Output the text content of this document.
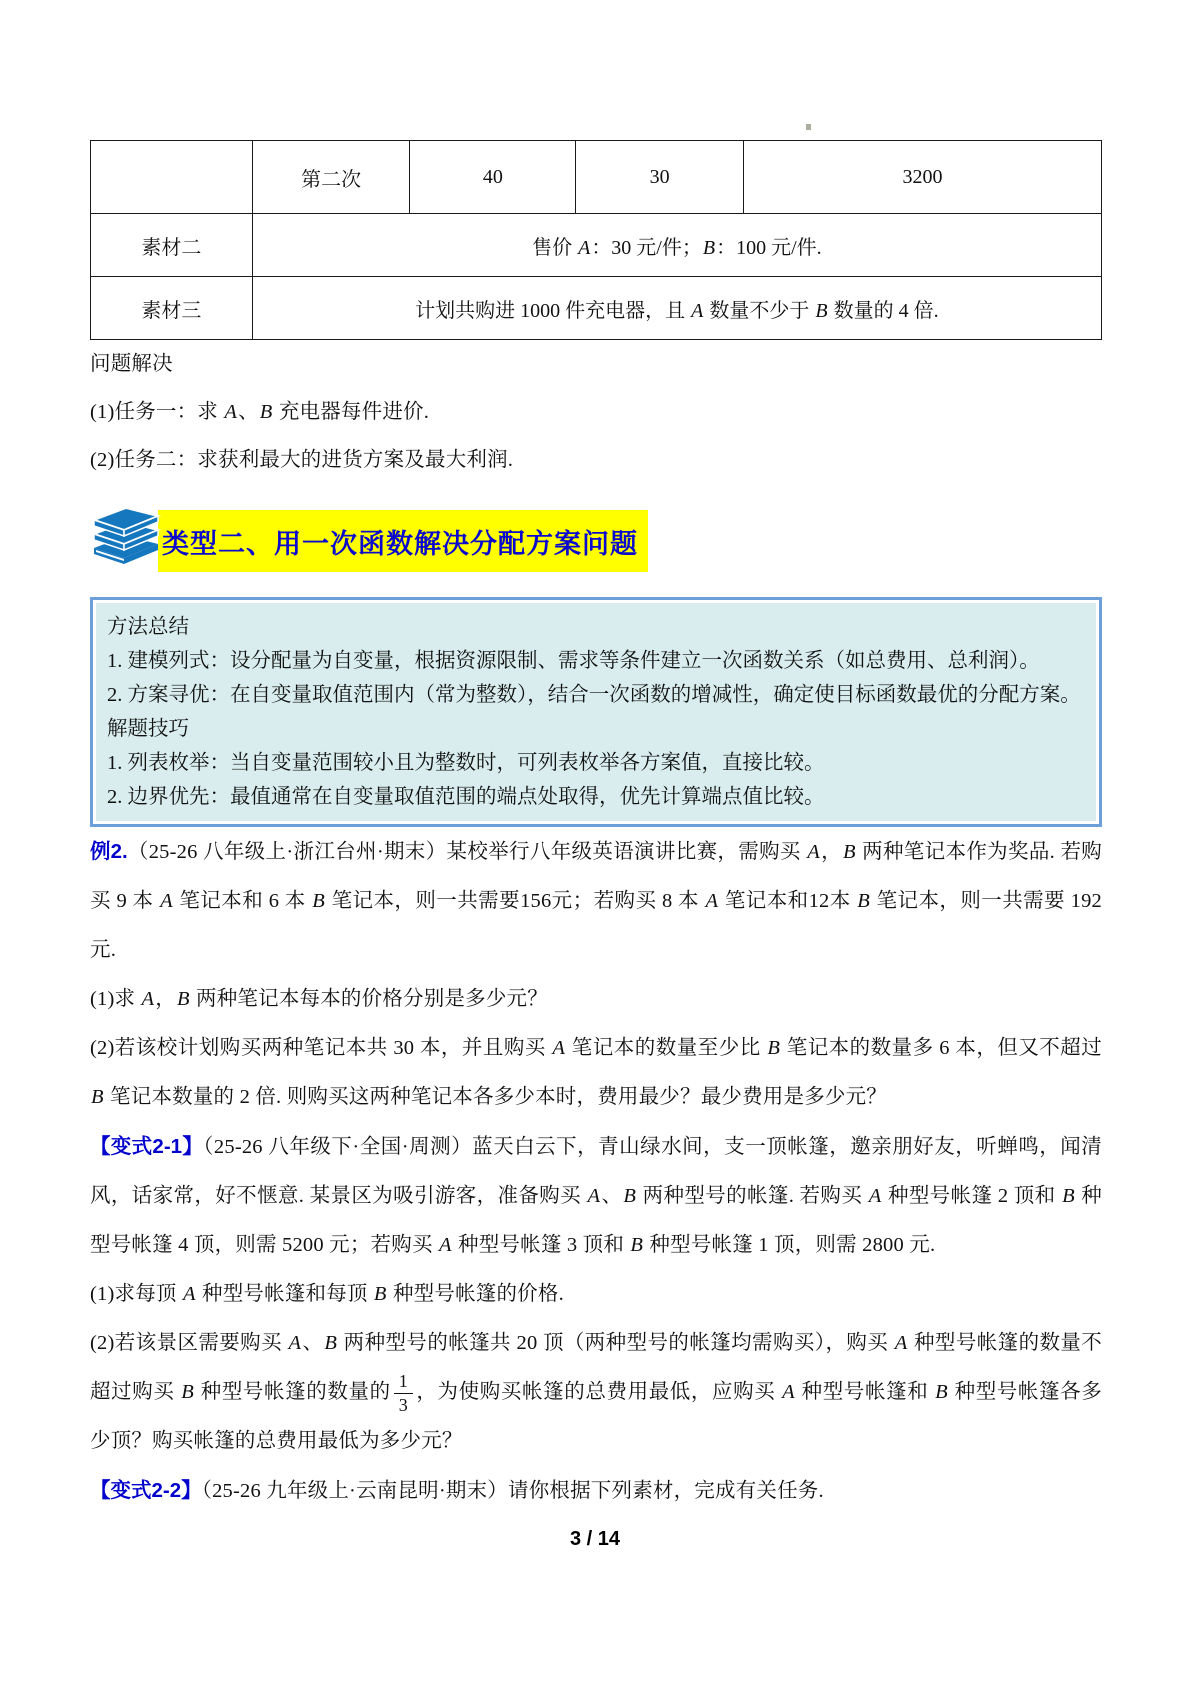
	第二次	40	30	3200
素材二	售价 A：30 元/件；B：100 元/件.			
素材三	计划共购进 1000 件充电器，且 A 数量不少于 B 数量的 4 倍.			

问题解决

(1)任务一：求 A、B 充电器每件进价.

(2)任务二：求获利最大的进货方案及最大利润.

类型二、用一次函数解决分配方案问题

方法总结

1. 建模列式：设分配量为自变量，根据资源限制、需求等条件建立一次函数关系（如总费用、总利润）。

2. 方案寻优：在自变量取值范围内（常为整数），结合一次函数的增减性，确定使目标函数最优的分配方案。

解题技巧

1. 列表枚举：当自变量范围较小且为整数时，可列表枚举各方案值，直接比较。

2. 边界优先：最值通常在自变量取值范围的端点处取得，优先计算端点值比较。

例2.（25-26 八年级上·浙江台州·期末）某校举行八年级英语演讲比赛，需购买 A，B 两种笔记本作为奖品. 若购买 9 本 A 笔记本和 6 本 B 笔记本，则一共需要156元；若购买 8 本 A 笔记本和12本 B 笔记本，则一共需要 192元.

(1)求 A，B 两种笔记本每本的价格分别是多少元？

(2)若该校计划购买两种笔记本共 30 本，并且购买 A 笔记本的数量至少比 B 笔记本的数量多 6 本，但又不超过 B 笔记本数量的 2 倍. 则购买这两种笔记本各多少本时，费用最少？最少费用是多少元？

【变式2-1】（25-26 八年级下·全国·周测）蓝天白云下，青山绿水间，支一顶帐篷，邀亲朋好友，听蝉鸣，闻清风，话家常，好不惬意. 某景区为吸引游客，准备购买 A、B 两种型号的帐篷. 若购买 A 种型号帐篷 2 顶和 B 种型号帐篷 4 顶，则需 5200 元；若购买 A 种型号帐篷 3 顶和 B 种型号帐篷 1 顶，则需 2800 元.

(1)求每顶 A 种型号帐篷和每顶 B 种型号帐篷的价格.

(2)若该景区需要购买 A、B 两种型号的帐篷共 20 顶（两种型号的帐篷均需购买），购买 A 种型号帐篷的数量不超过购买 B 种型号帐篷的数量的 $\frac{1}{3}$ ，为使购买帐篷的总费用最低，应购买 A 种型号帐篷和 B 种型号帐篷各多少顶？购买帐篷的总费用最低为多少元？

【变式2-2】（25-26 九年级上·云南昆明·期末）请你根据下列素材，完成有关任务.

3 / 14
